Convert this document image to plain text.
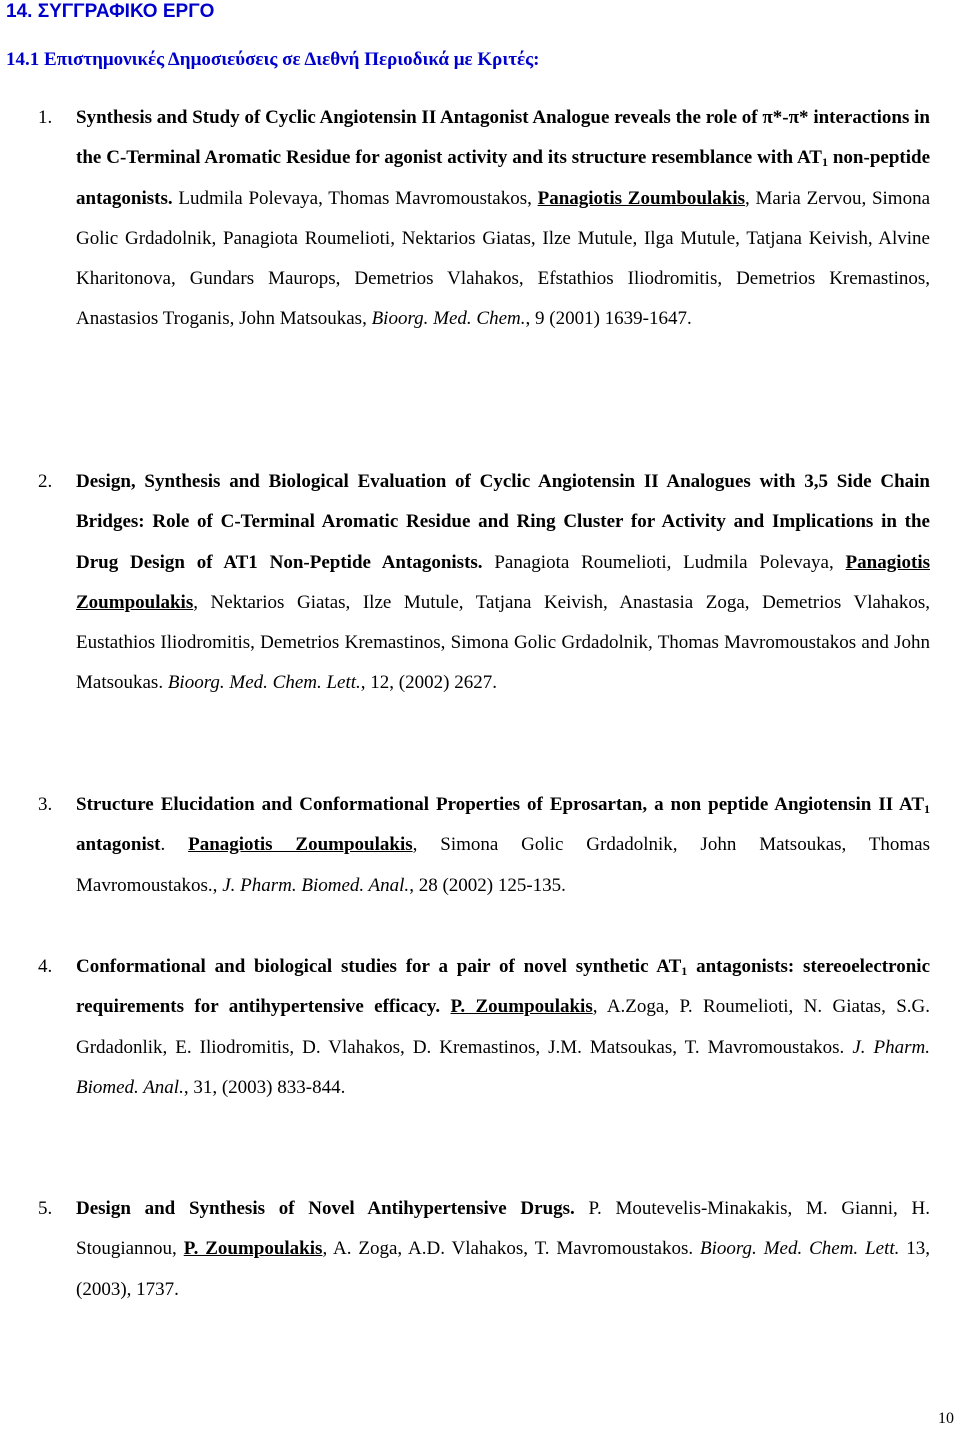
14. ΣΥΓΓΡΑΦΙΚΟ ΕΡΓΟ
14.1 Επιστημονικές Δημοσιεύσεις σε Διεθνή Περιοδικά με Κριτές:
1. Synthesis and Study of Cyclic Angiotensin II Antagonist Analogue reveals the role of π*-π* interactions in the C-Terminal Aromatic Residue for agonist activity and its structure resemblance with $AT_1$ non-peptide antagonists. Ludmila Polevaya, Thomas Mavromoustakos, Panagiotis Zoumboulakis, Maria Zervou, Simona Golic Grdadolnik, Panagiota Roumelioti, Nektarios Giatas, Ilze Mutule, Ilga Mutule, Tatjana Keivish, Alvine Kharitonova, Gundars Maurops, Demetrios Vlahakos, Efstathios Iliodromitis, Demetrios Kremastinos, Anastasios Troganis, John Matsoukas, Bioorg. Med. Chem., 9 (2001) 1639-1647.
2. Design, Synthesis and Biological Evaluation of Cyclic Angiotensin II Analogues with 3,5 Side Chain Bridges: Role of C-Terminal Aromatic Residue and Ring Cluster for Activity and Implications in the Drug Design of AT1 Non-Peptide Antagonists. Panagiota Roumelioti, Ludmila Polevaya, Panagiotis Zoumpoulakis, Nektarios Giatas, Ilze Mutule, Tatjana Keivish, Anastasia Zoga, Demetrios Vlahakos, Eustathios Iliodromitis, Demetrios Kremastinos, Simona Golic Grdadolnik, Thomas Mavromoustakos and John Matsoukas. Bioorg. Med. Chem. Lett., 12, (2002) 2627.
3. Structure Elucidation and Conformational Properties of Eprosartan, a non peptide Angiotensin II $AT_1$ antagonist. Panagiotis Zoumpoulakis, Simona Golic Grdadolnik, John Matsoukas, Thomas Mavromoustakos., J. Pharm. Biomed. Anal., 28 (2002) 125-135.
4. Conformational and biological studies for a pair of novel synthetic $AT_1$ antagonists: stereoelectronic requirements for antihypertensive efficacy. P. Zoumpoulakis, A.Zoga, P. Roumelioti, N. Giatas, S.G. Grdadonlik, E. Iliodromitis, D. Vlahakos, D. Kremastinos, J.M. Matsoukas, T. Mavromoustakos. J. Pharm. Biomed. Anal., 31, (2003) 833-844.
5. Design and Synthesis of Novel Antihypertensive Drugs. P. Moutevelis-Minakakis, M. Gianni, H. Stougiannou, P. Zoumpoulakis, A. Zoga, A.D. Vlahakos, T. Mavromoustakos. Bioorg. Med. Chem. Lett. 13, (2003), 1737.
10
